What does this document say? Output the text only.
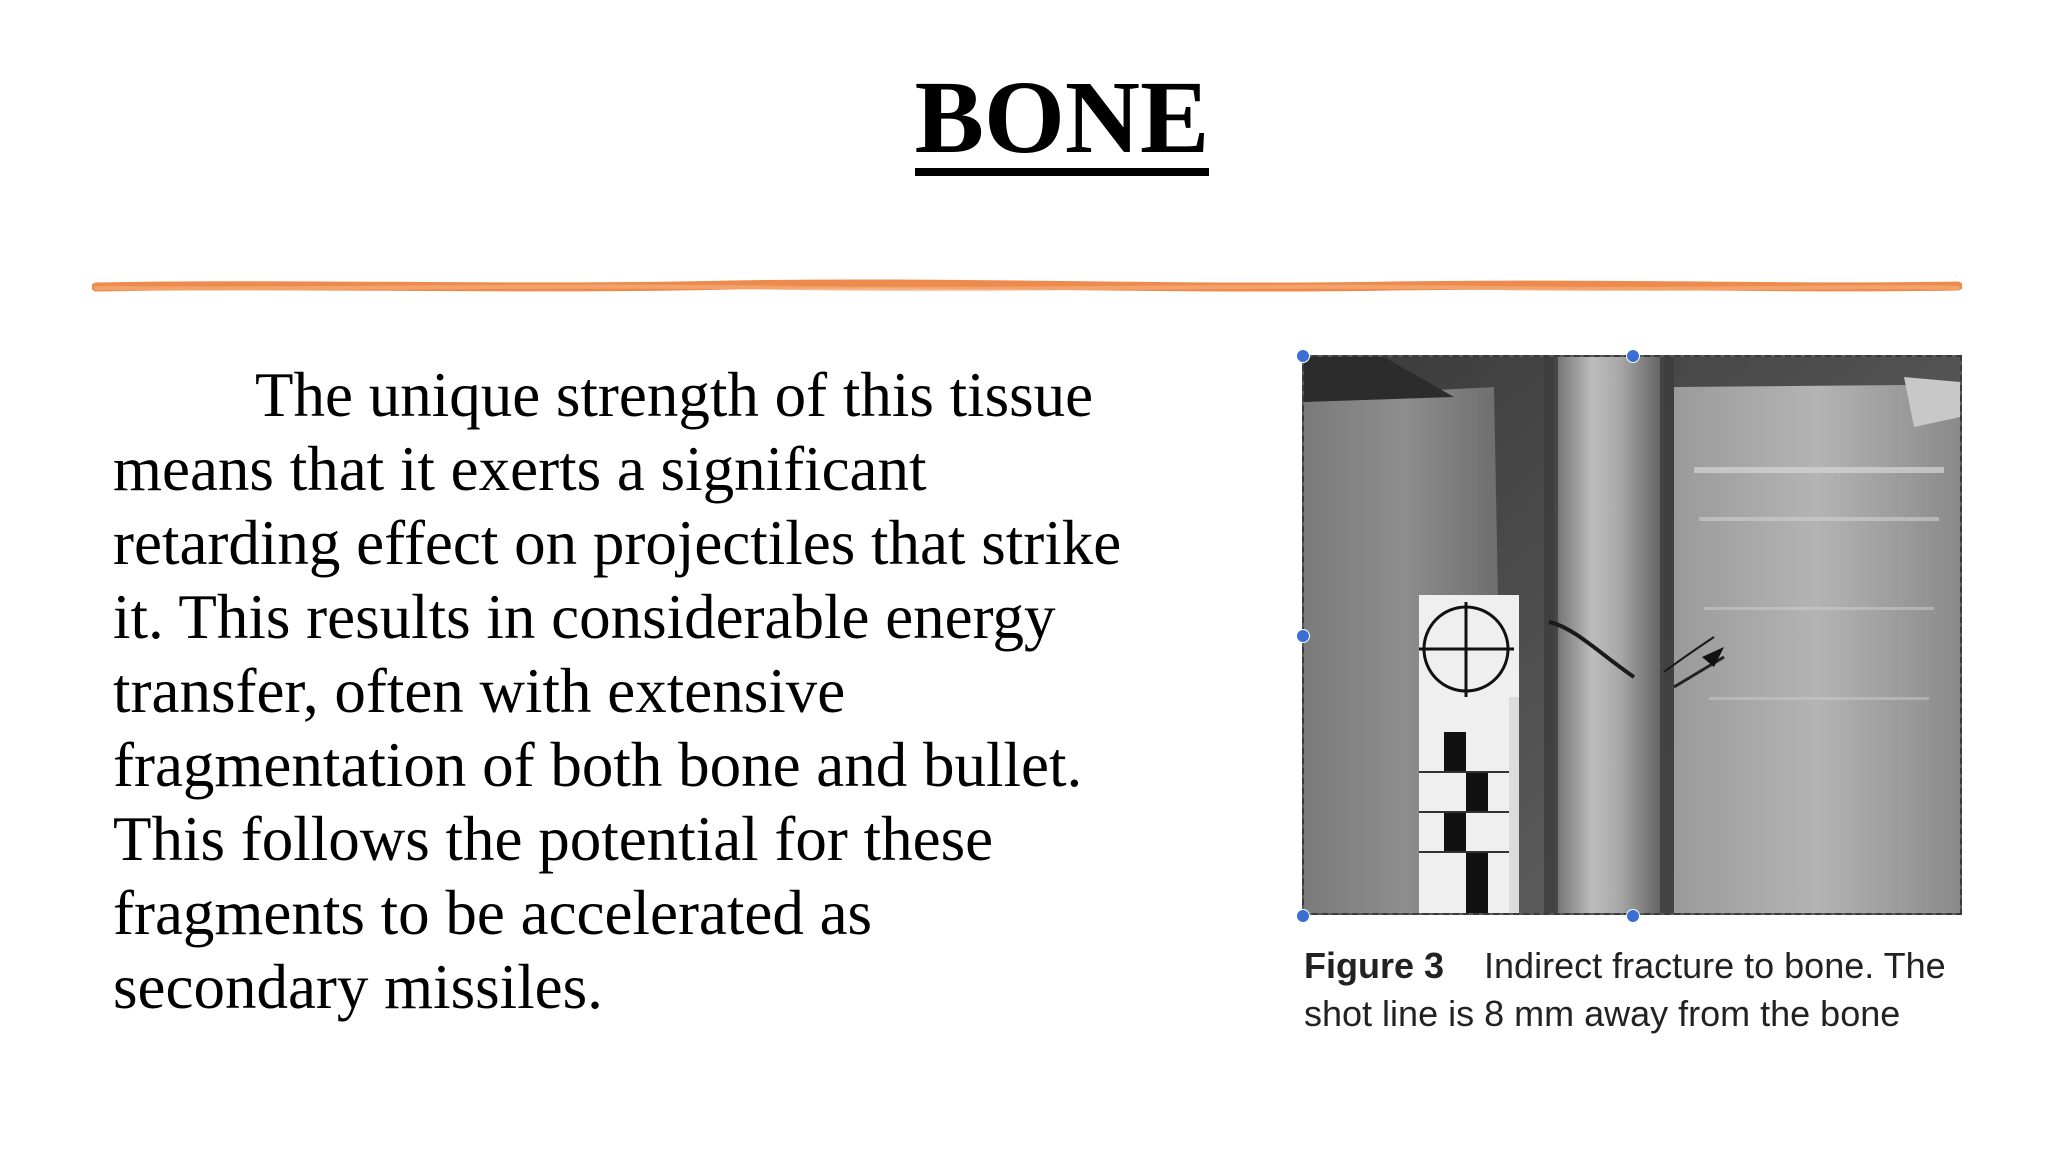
BONE

The unique strength of this tissue
means that it exerts a significant
retarding effect on projectiles that strike
it. This results in considerable energy
transfer, often with extensive
fragmentation of both bone and bullet.
This follows the potential for these
fragments to be accelerated as
secondary missiles.	Figure 3 Indirect fracture to bone. The
shot line is 8 mm away from the bone
